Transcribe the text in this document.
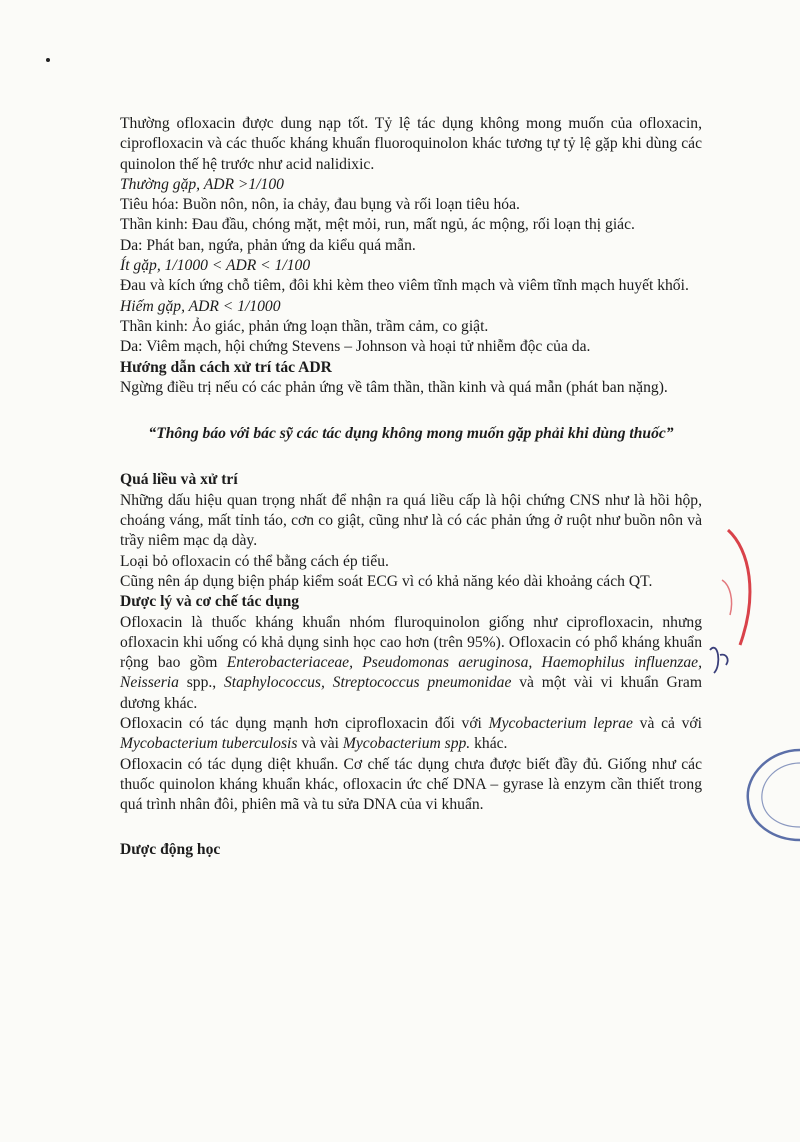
Thường ofloxacin được dung nạp tốt. Tỷ lệ tác dụng không mong muốn của ofloxacin, ciprofloxacin và các thuốc kháng khuẩn fluoroquinolon khác tương tự tỷ lệ gặp khi dùng các quinolon thế hệ trước như acid nalidixic.

Thường gặp, ADR >1/100

Tiêu hóa: Buồn nôn, nôn, ỉa chảy, đau bụng và rối loạn tiêu hóa.

Thần kinh: Đau đầu, chóng mặt, mệt mỏi, run, mất ngủ, ác mộng, rối loạn thị giác.

Da: Phát ban, ngứa, phản ứng da kiểu quá mẫn.

Ít gặp, 1/1000 < ADR < 1/100

Đau và kích ứng chỗ tiêm, đôi khi kèm theo viêm tĩnh mạch và viêm tĩnh mạch huyết khối.

Hiếm gặp, ADR < 1/1000

Thần kinh: Ảo giác, phản ứng loạn thần, trầm cảm, co giật.

Da: Viêm mạch, hội chứng Stevens – Johnson và hoại tử nhiễm độc của da.

Hướng dẫn cách xử trí tác ADR

Ngừng điều trị nếu có các phản ứng về tâm thần, thần kinh và quá mẫn (phát ban nặng).

“Thông báo với bác sỹ các tác dụng không mong muốn gặp phải khi dùng thuốc”

Quá liều và xử trí

Những dấu hiệu quan trọng nhất để nhận ra quá liều cấp là hội chứng CNS như là hồi hộp, choáng váng, mất tỉnh táo, cơn co giật, cũng như là có các phản ứng ở ruột như buồn nôn và trầy niêm mạc dạ dày.

Loại bỏ ofloxacin có thể bằng cách ép tiểu.

Cũng nên áp dụng biện pháp kiểm soát ECG vì có khả năng kéo dài khoảng cách QT.

Dược lý và cơ chế tác dụng

Ofloxacin là thuốc kháng khuẩn nhóm fluroquinolon giống như ciprofloxacin, nhưng ofloxacin khi uống có khả dụng sinh học cao hơn (trên 95%). Ofloxacin có phổ kháng khuẩn rộng bao gồm Enterobacteriaceae, Pseudomonas aeruginosa, Haemophilus influenzae, Neisseria spp., Staphylococcus, Streptococcus pneumonidae và một vài vi khuẩn Gram dương khác.

Ofloxacin có tác dụng mạnh hơn ciprofloxacin đối với Mycobacterium leprae và cả với Mycobacterium tuberculosis và vài Mycobacterium spp. khác.

Ofloxacin có tác dụng diệt khuẩn. Cơ chế tác dụng chưa được biết đầy đủ. Giống như các thuốc quinolon kháng khuẩn khác, ofloxacin ức chế DNA – gyrase là enzym cần thiết trong quá trình nhân đôi, phiên mã và tu sửa DNA của vi khuẩn.

Dược động học
